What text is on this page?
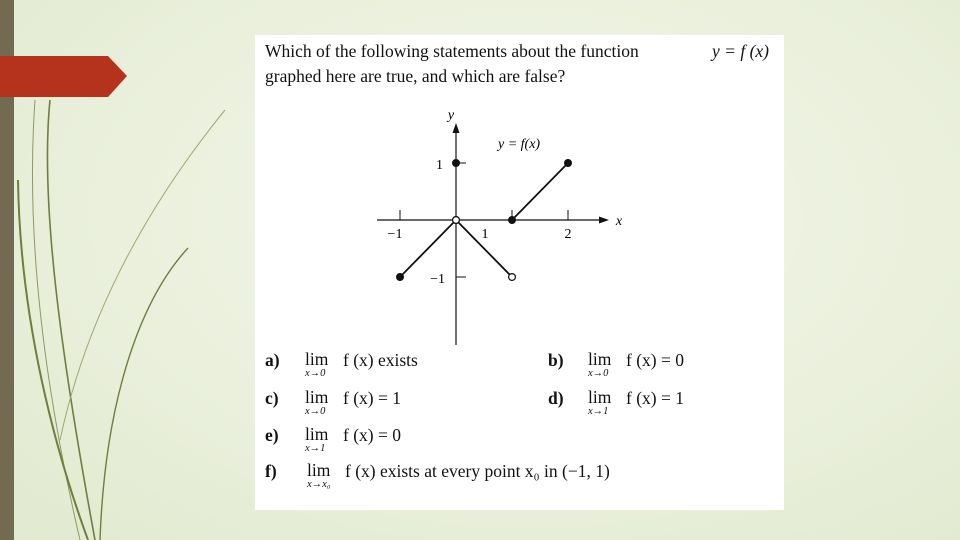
Which of the following statements about the function	y = f (x)
graphed here are true, and which are false?
y
x
y = f(x)
−1	1	2
1
−1
a) lim
x→0
f (x) exists	b) lim
x→0
f (x) = 0
c) lim
x→0
f (x) = 1	d) lim
x→1
f (x) = 1
e) lim
x→1
f (x) = 0
f) lim
x→x₀
f (x) exists at every point x₀ in (−1, 1)
